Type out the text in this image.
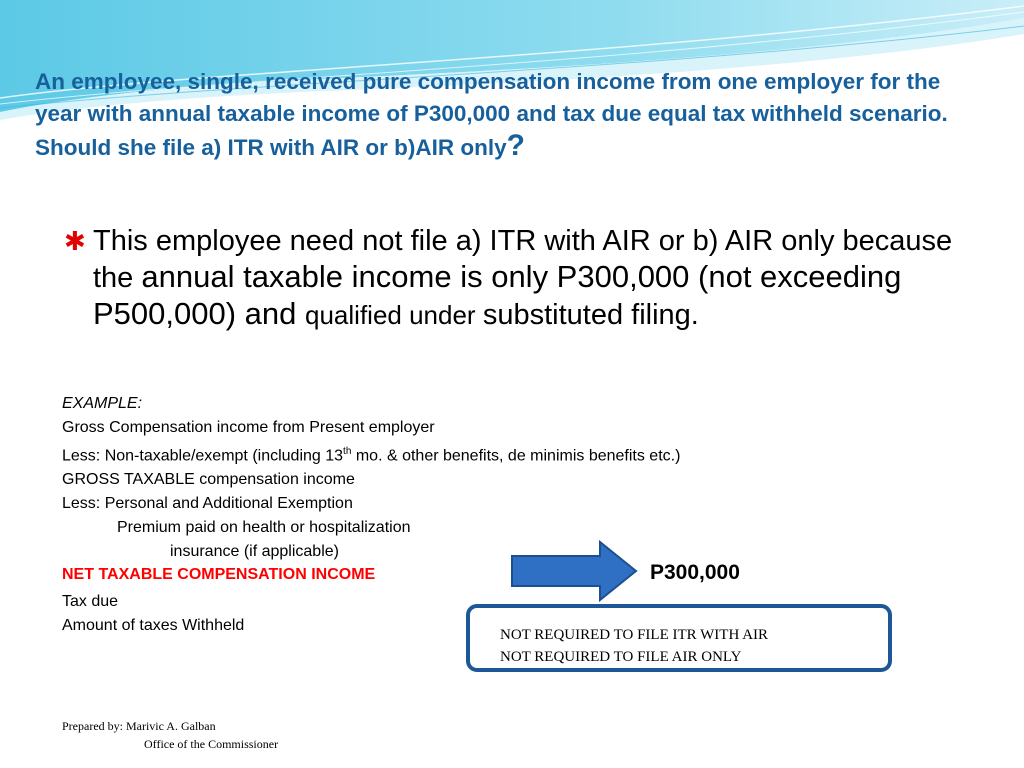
An employee, single, received pure compensation income from one employer for the year with annual taxable income of P300,000 and tax due equal tax withheld scenario. Should she file a) ITR with AIR or b)AIR only?
✱ This employee need not file a) ITR with AIR or b) AIR only because the annual taxable income is only P300,000 (not exceeding P500,000) and qualified under substituted filing.
EXAMPLE:
Gross Compensation income from Present employer
Less: Non-taxable/exempt (including 13th mo. & other benefits, de minimis benefits etc.)
GROSS TAXABLE compensation income
Less: Personal and Additional Exemption
Premium paid on health or hospitalization
insurance (if applicable)
NET TAXABLE COMPENSATION INCOME	P300,000
Tax due
Amount of taxes Withheld
NOT REQUIRED TO FILE ITR WITH AIR
NOT REQUIRED TO FILE AIR ONLY
Prepared by: Marivic A. Galban
Office of the Commissioner
